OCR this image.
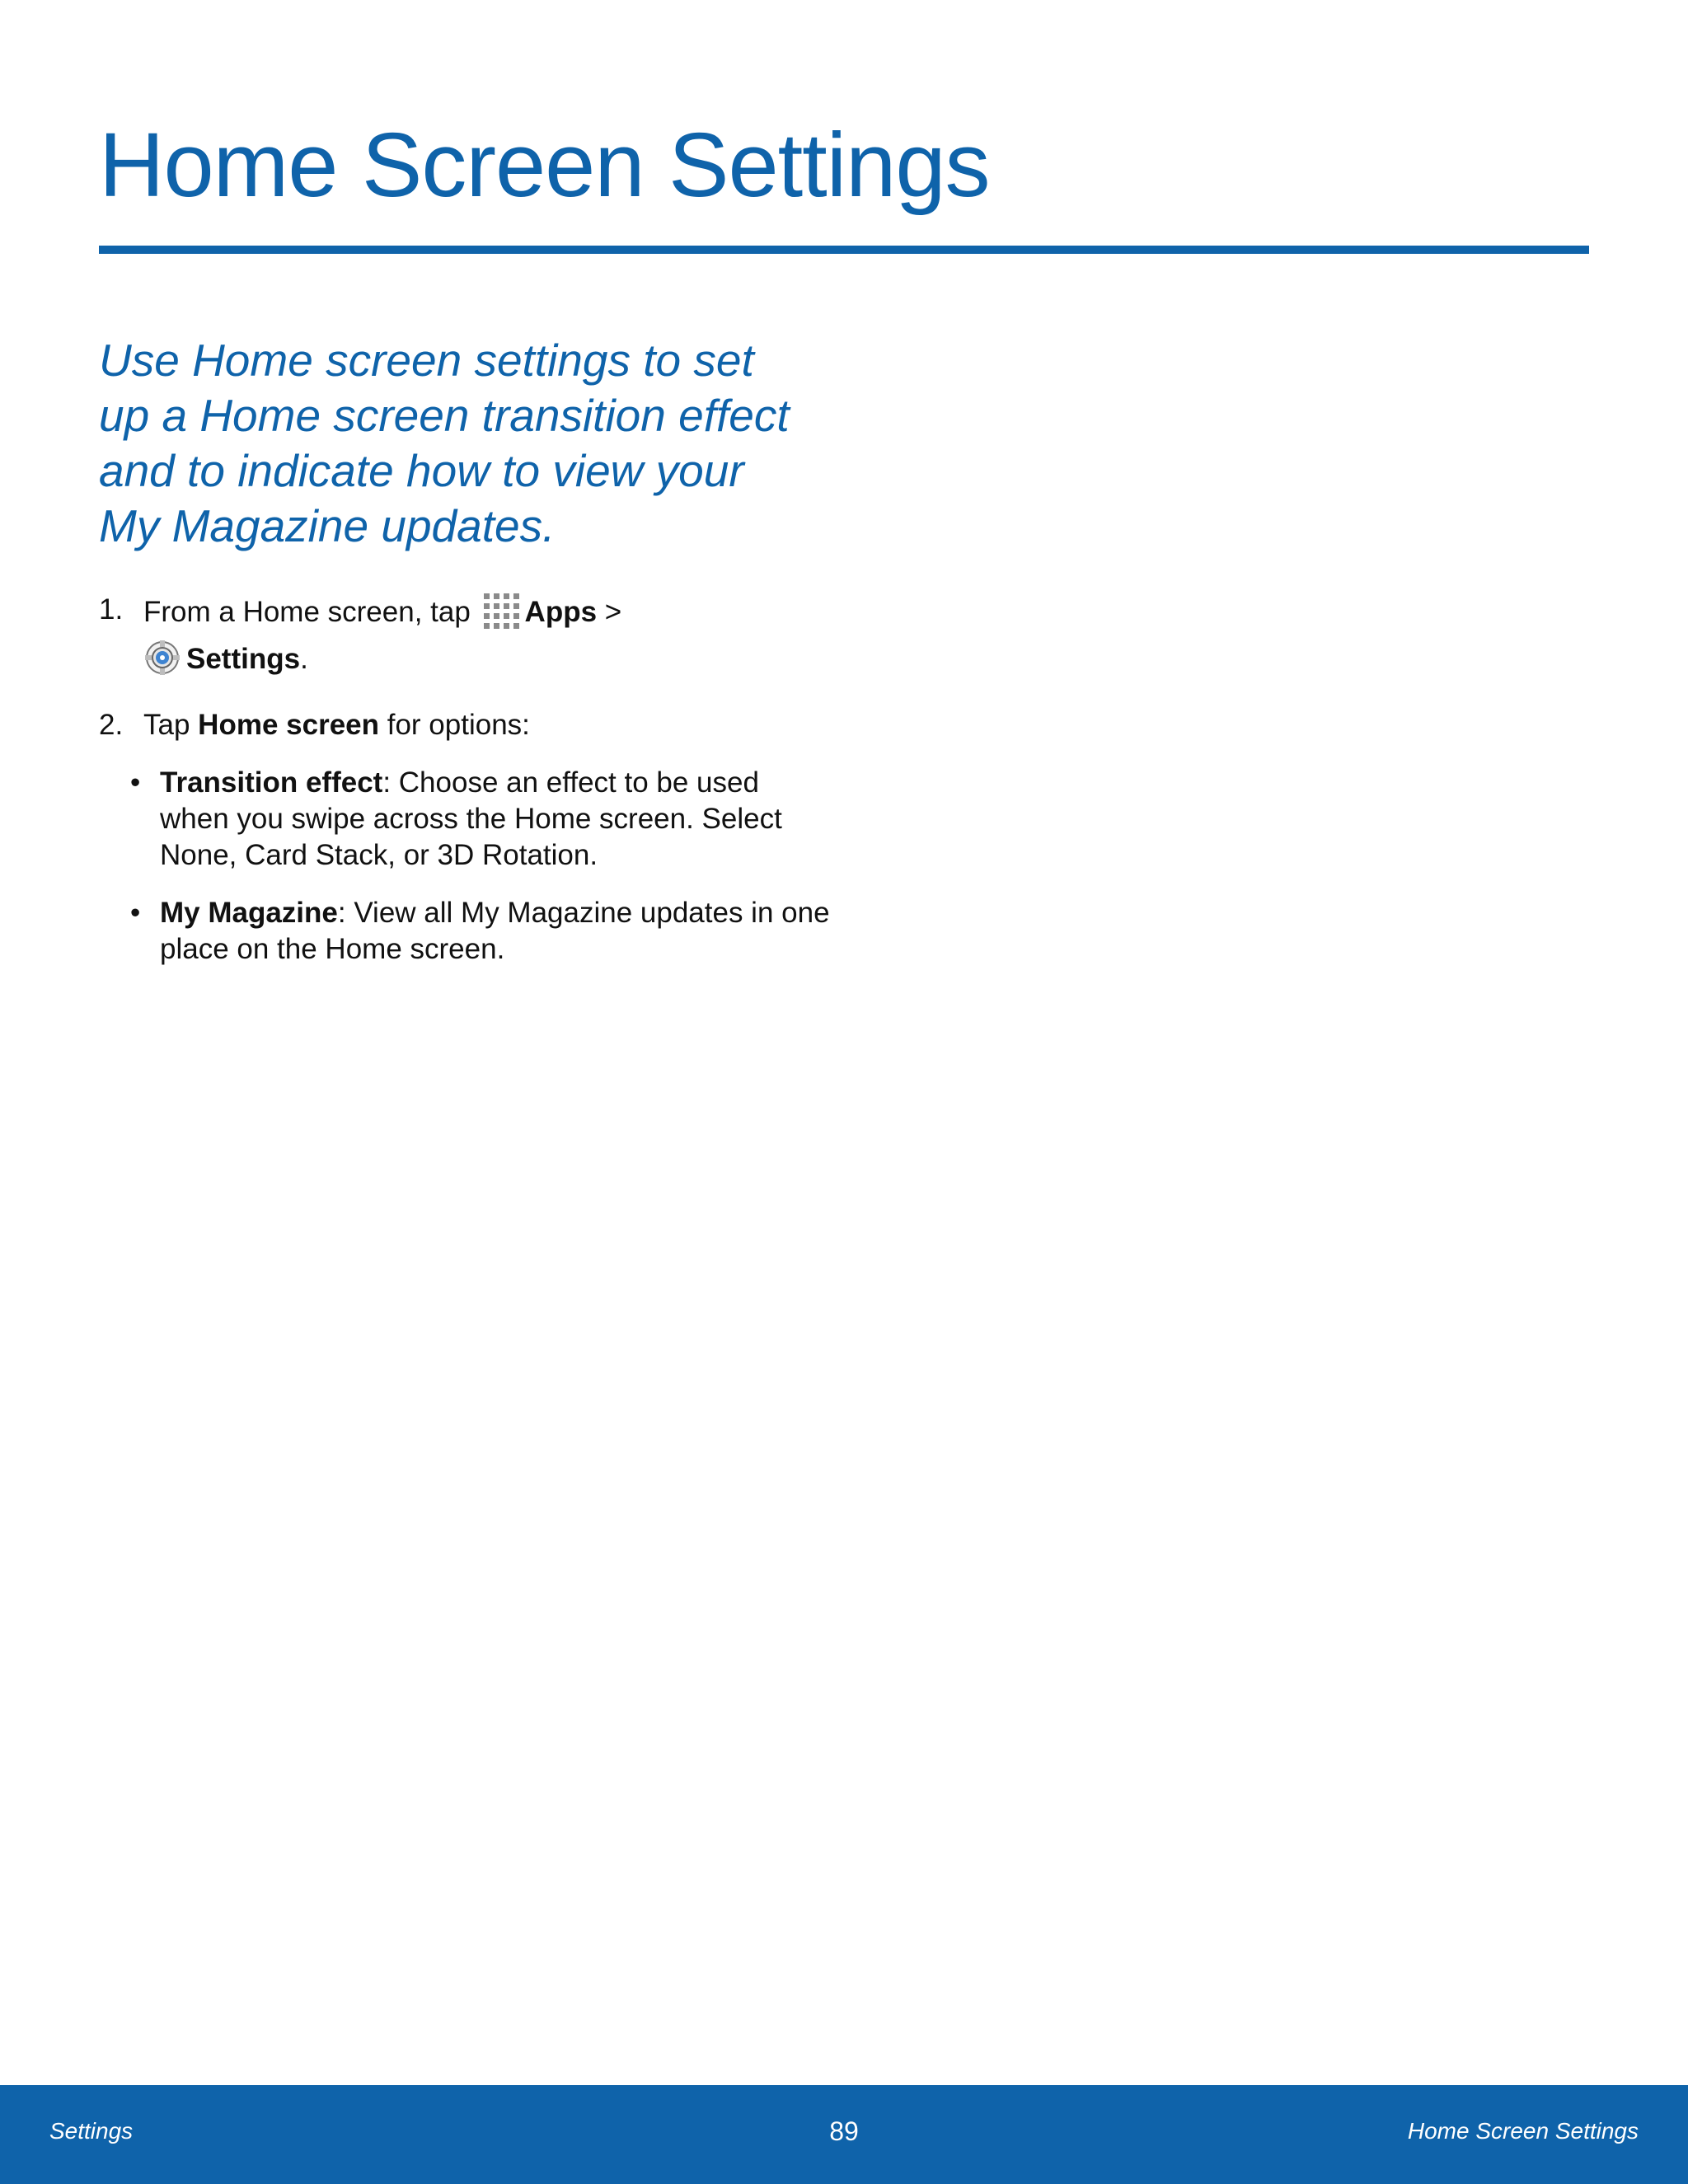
Home Screen Settings

Use Home screen settings to set up a Home screen transition effect and to indicate how to view your My Magazine updates.

1. From a Home screen, tap Apps >
Settings.
2. Tap Home screen for options:
• Transition effect: Choose an effect to be used when you swipe across the Home screen. Select None, Card Stack, or 3D Rotation.
• My Magazine: View all My Magazine updates in one place on the Home screen.
Settings	89	Home Screen Settings
